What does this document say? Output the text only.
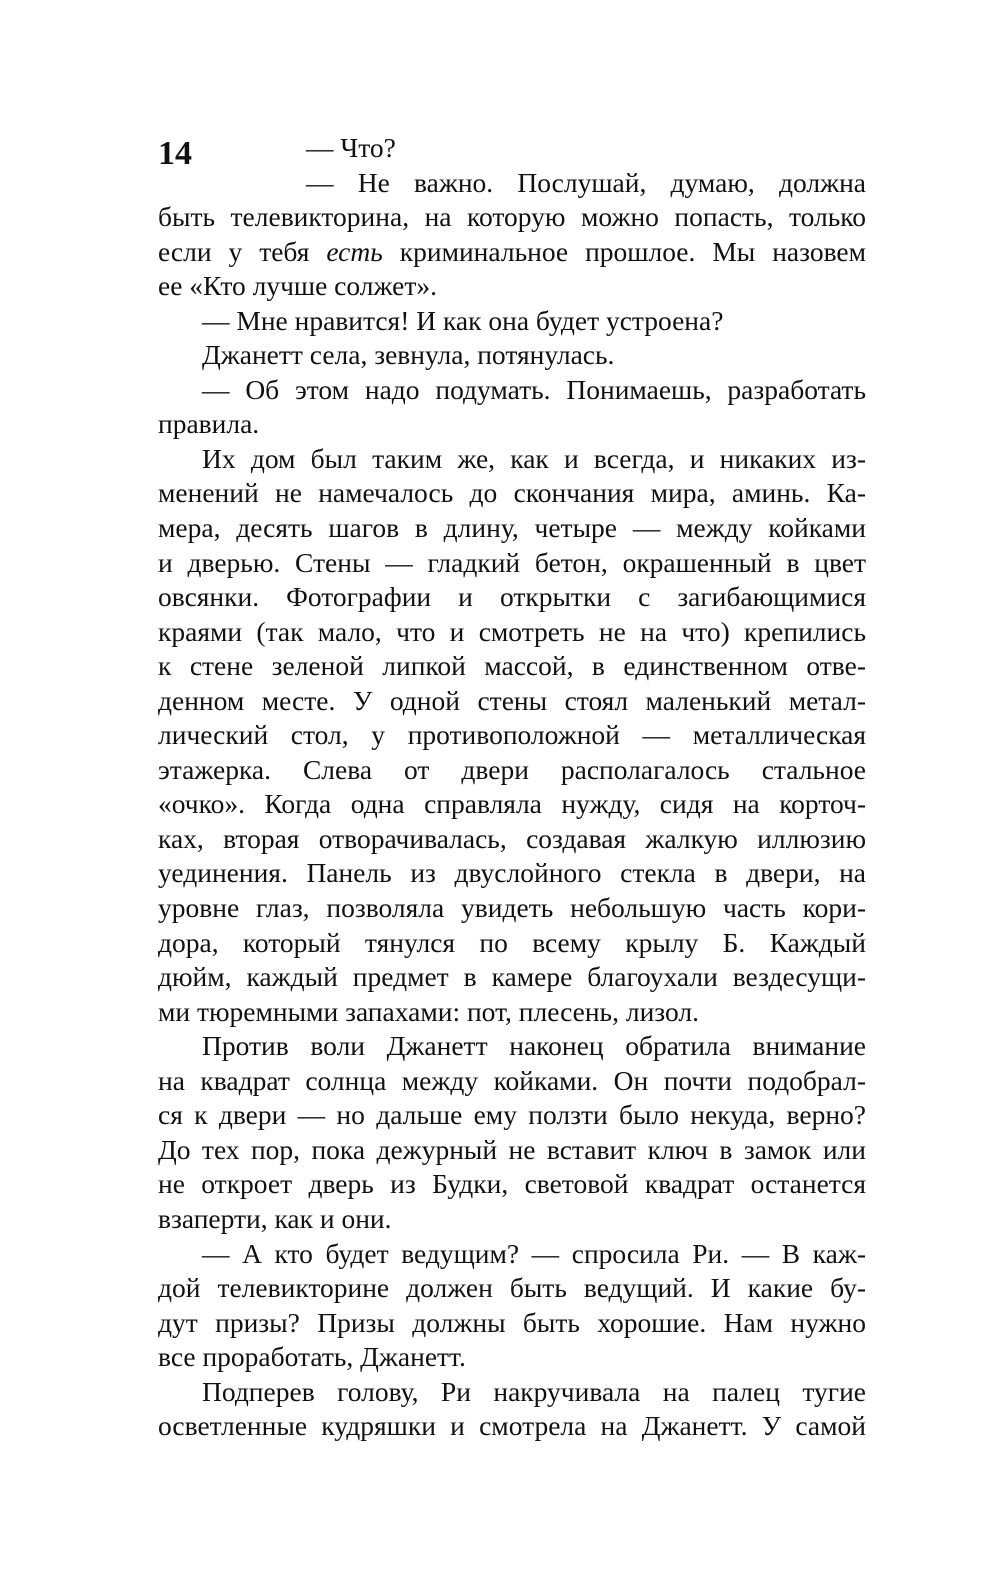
14	— Что?
— Не важно. Послушай, думаю, должна
быть телевикторина, на которую можно попасть, только
если у тебя есть криминальное прошлое. Мы назовем
ее «Кто лучше солжет».
— Мне нравится! И как она будет устроена?
Джанетт села, зевнула, потянулась.
— Об этом надо подумать. Понимаешь, разработать
правила.
Их дом был таким же, как и всегда, и никаких из-
менений не намечалось до скончания мира, аминь. Ка-
мера, десять шагов в длину, четыре — между койками
и дверью. Стены — гладкий бетон, окрашенный в цвет
овсянки. Фотографии и открытки с загибающимися
краями (так мало, что и смотреть не на что) крепились
к стене зеленой липкой массой, в единственном отве-
денном месте. У одной стены стоял маленький метал-
лический стол, у противоположной — металлическая
этажерка. Слева от двери располагалось стальное
«очко». Когда одна справляла нужду, сидя на корточ-
ках, вторая отворачивалась, создавая жалкую иллюзию
уединения. Панель из двуслойного стекла в двери, на
уровне глаз, позволяла увидеть небольшую часть кори-
дора, который тянулся по всему крылу Б. Каждый
дюйм, каждый предмет в камере благоухали вездесущи-
ми тюремными запахами: пот, плесень, лизол.
Против воли Джанетт наконец обратила внимание
на квадрат солнца между койками. Он почти подобрал-
ся к двери — но дальше ему ползти было некуда, верно?
До тех пор, пока дежурный не вставит ключ в замок или
не откроет дверь из Будки, световой квадрат останется
взаперти, как и они.
— А кто будет ведущим? — спросила Ри. — В каж-
дой телевикторине должен быть ведущий. И какие бу-
дут призы? Призы должны быть хорошие. Нам нужно
все проработать, Джанетт.
Подперев голову, Ри накручивала на палец тугие
осветленные кудряшки и смотрела на Джанетт. У самой
